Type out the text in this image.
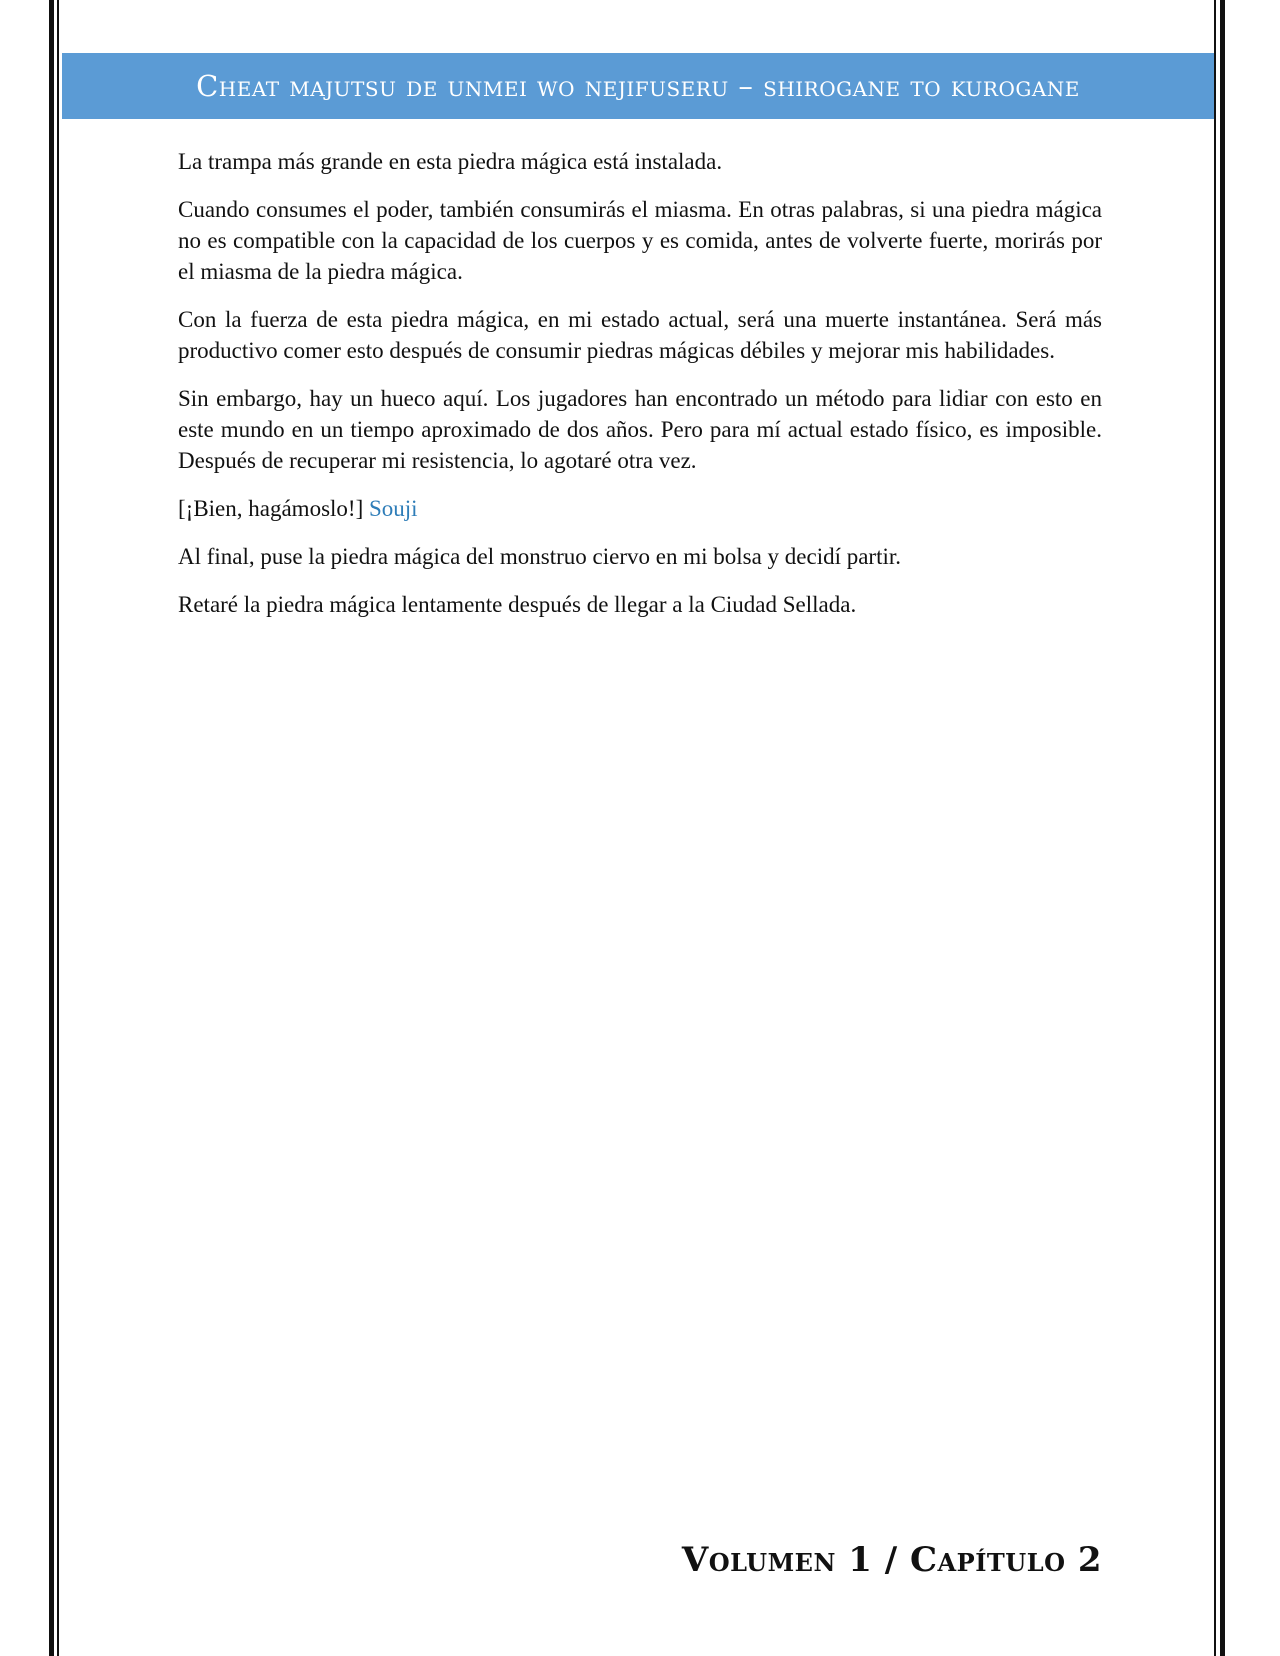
Cheat majutsu de unmei wo nejifuseru – shirogane to kurogane

La trampa más grande en esta piedra mágica está instalada.

Cuando consumes el poder, también consumirás el miasma. En otras palabras, si una piedra mágica no es compatible con la capacidad de los cuerpos y es comida, antes de volverte fuerte, morirás por el miasma de la piedra mágica.

Con la fuerza de esta piedra mágica, en mi estado actual, será una muerte instantánea. Será más productivo comer esto después de consumir piedras mágicas débiles y mejorar mis habilidades.

Sin embargo, hay un hueco aquí. Los jugadores han encontrado un método para lidiar con esto en este mundo en un tiempo aproximado de dos años. Pero para mí actual estado físico, es imposible. Después de recuperar mi resistencia, lo agotaré otra vez.

[¡Bien, hagámoslo!] Souji

Al final, puse la piedra mágica del monstruo ciervo en mi bolsa y decidí partir.

Retaré la piedra mágica lentamente después de llegar a la Ciudad Sellada.

Volumen 1 / Capítulo 2
